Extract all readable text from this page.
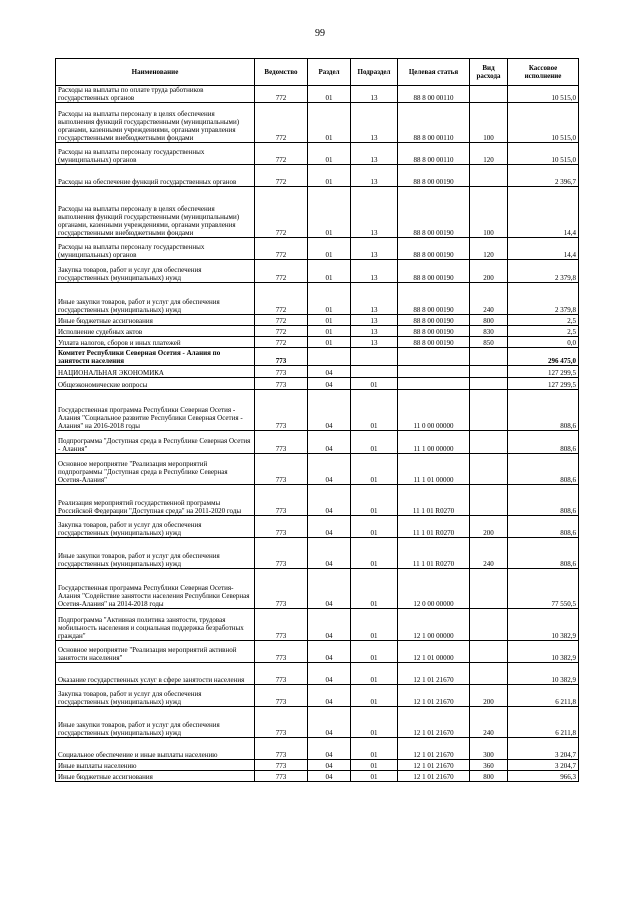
99
Наименование	Ведомство	Раздел	Подраздел	Целевая статья	Вид расхода	Кассовое исполнение
Расходы на выплаты по оплате труда работников государственных органов	772	01	13	88 8 00 00110		10 515,0
Расходы на выплаты персоналу в целях обеспечения выполнения функций государственными (муниципальными) органами, казенными учреждениями, органами управления государственными внебюджетными фондами	772	01	13	88 8 00 00110	100	10 515,0
Расходы на выплаты персоналу государственных (муниципальных) органов	772	01	13	88 8 00 00110	120	10 515,0
Расходы на обеспечение функций государственных органов	772	01	13	88 8 00 00190		2 396,7
Расходы на выплаты персоналу в целях обеспечения выполнения функций государственными (муниципальными) органами, казенными учреждениями, органами управления государственными внебюджетными фондами	772	01	13	88 8 00 00190	100	14,4
Расходы на выплаты персоналу государственных (муниципальных) органов	772	01	13	88 8 00 00190	120	14,4
Закупка товаров, работ и услуг для обеспечения государственных (муниципальных) нужд	772	01	13	88 8 00 00190	200	2 379,8
Иные закупки товаров, работ и услуг для обеспечения государственных (муниципальных) нужд	772	01	13	88 8 00 00190	240	2 379,8
Иные бюджетные ассигнования	772	01	13	88 8 00 00190	800	2,5
Исполнение судебных актов	772	01	13	88 8 00 00190	830	2,5
Уплата налогов, сборов и иных платежей	772	01	13	88 8 00 00190	850	0,0
Комитет Республики Северная Осетия - Алания по занятости населения	773					296 475,0
НАЦИОНАЛЬНАЯ ЭКОНОМИКА	773	04				127 299,5
Общеэкономические вопросы	773	04	01			127 299,5
Государственная программа Республики Северная Осетия - Алания "Социальное развитие Республики Северная Осетия - Алания" на 2016-2018 годы	773	04	01	11 0 00 00000		808,6
Подпрограмма "Доступная среда в Республике Северная Осетия - Алания"	773	04	01	11 1 00 00000		808,6
Основное мероприятие "Реализация мероприятий подпрограммы "Доступная среда в Республике Северная Осетия-Алания"	773	04	01	11 1 01 00000		808,6
Реализация мероприятий государственной программы Российской Федерации "Доступная среда" на 2011-2020 годы	773	04	01	11 1 01 R0270		808,6
Закупка товаров, работ и услуг для обеспечения государственных (муниципальных) нужд	773	04	01	11 1 01 R0270	200	808,6
Иные закупки товаров, работ и услуг для обеспечения государственных (муниципальных) нужд	773	04	01	11 1 01 R0270	240	808,6
Государственная программа Республики Северная Осетия-Алания "Содействие занятости населения Республики Северная Осетия-Алания" на 2014-2018 годы	773	04	01	12 0 00 00000		77 550,5
Подпрограмма "Активная политика занятости, трудовая мобильность населения и социальная поддержка безработных граждан"	773	04	01	12 1 00 00000		10 382,9
Основное мероприятие "Реализация мероприятий активной занятости населения"	773	04	01	12 1 01 00000		10 382,9
Оказание государственных услуг в сфере занятости населения	773	04	01	12 1 01 21670		10 382,9
Закупка товаров, работ и услуг для обеспечения государственных (муниципальных) нужд	773	04	01	12 1 01 21670	200	6 211,8
Иные закупки товаров, работ и услуг для обеспечения государственных (муниципальных) нужд	773	04	01	12 1 01 21670	240	6 211,8
Социальное обеспечение и иные выплаты населению	773	04	01	12 1 01 21670	300	3 204,7
Иные выплаты населению	773	04	01	12 1 01 21670	360	3 204,7
Иные бюджетные ассигнования	773	04	01	12 1 01 21670	800	966,3
